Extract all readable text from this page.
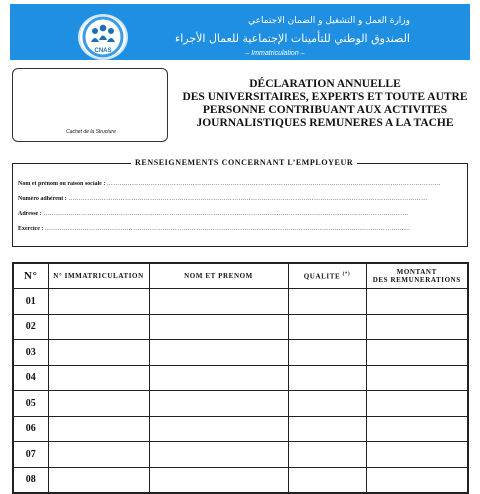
CNAS
وزارة العمل و التشغيل و الضمان الاجتماعي
الصندوق الوطني للتأمينات الإجتماعية للعمال الأجراء
– Immatriculation –
Cachet de la Structure
DÉCLARATION ANNUELLE
DES UNIVERSITAIRES, EXPERTS ET TOUTE AUTRE
PERSONNE CONTRIBUANT AUX ACTIVITES
JOURNALISTIQUES REMUNERES A LA TACHE
RENSEIGNEMENTS CONCERNANT L’EMPLOYEUR
Nom et prénom ou raison sociale : ……………………………………………………………………………………………………………………………………………
Numéro adhérent : ………………………………………………………………………………………………………………………………………………………
Adresse : …………………………………………………………………………………………………………………………………………………………
Exercice : …………………………………………………………………………………………………………………………………………………………
N°	N° IMMATRICULATION	NOM ET PRENOM	QUALITE (*)	MONTANT
DES REMUNERATIONS

01				
02				
03				
04				
05				
06				
07				
08				
